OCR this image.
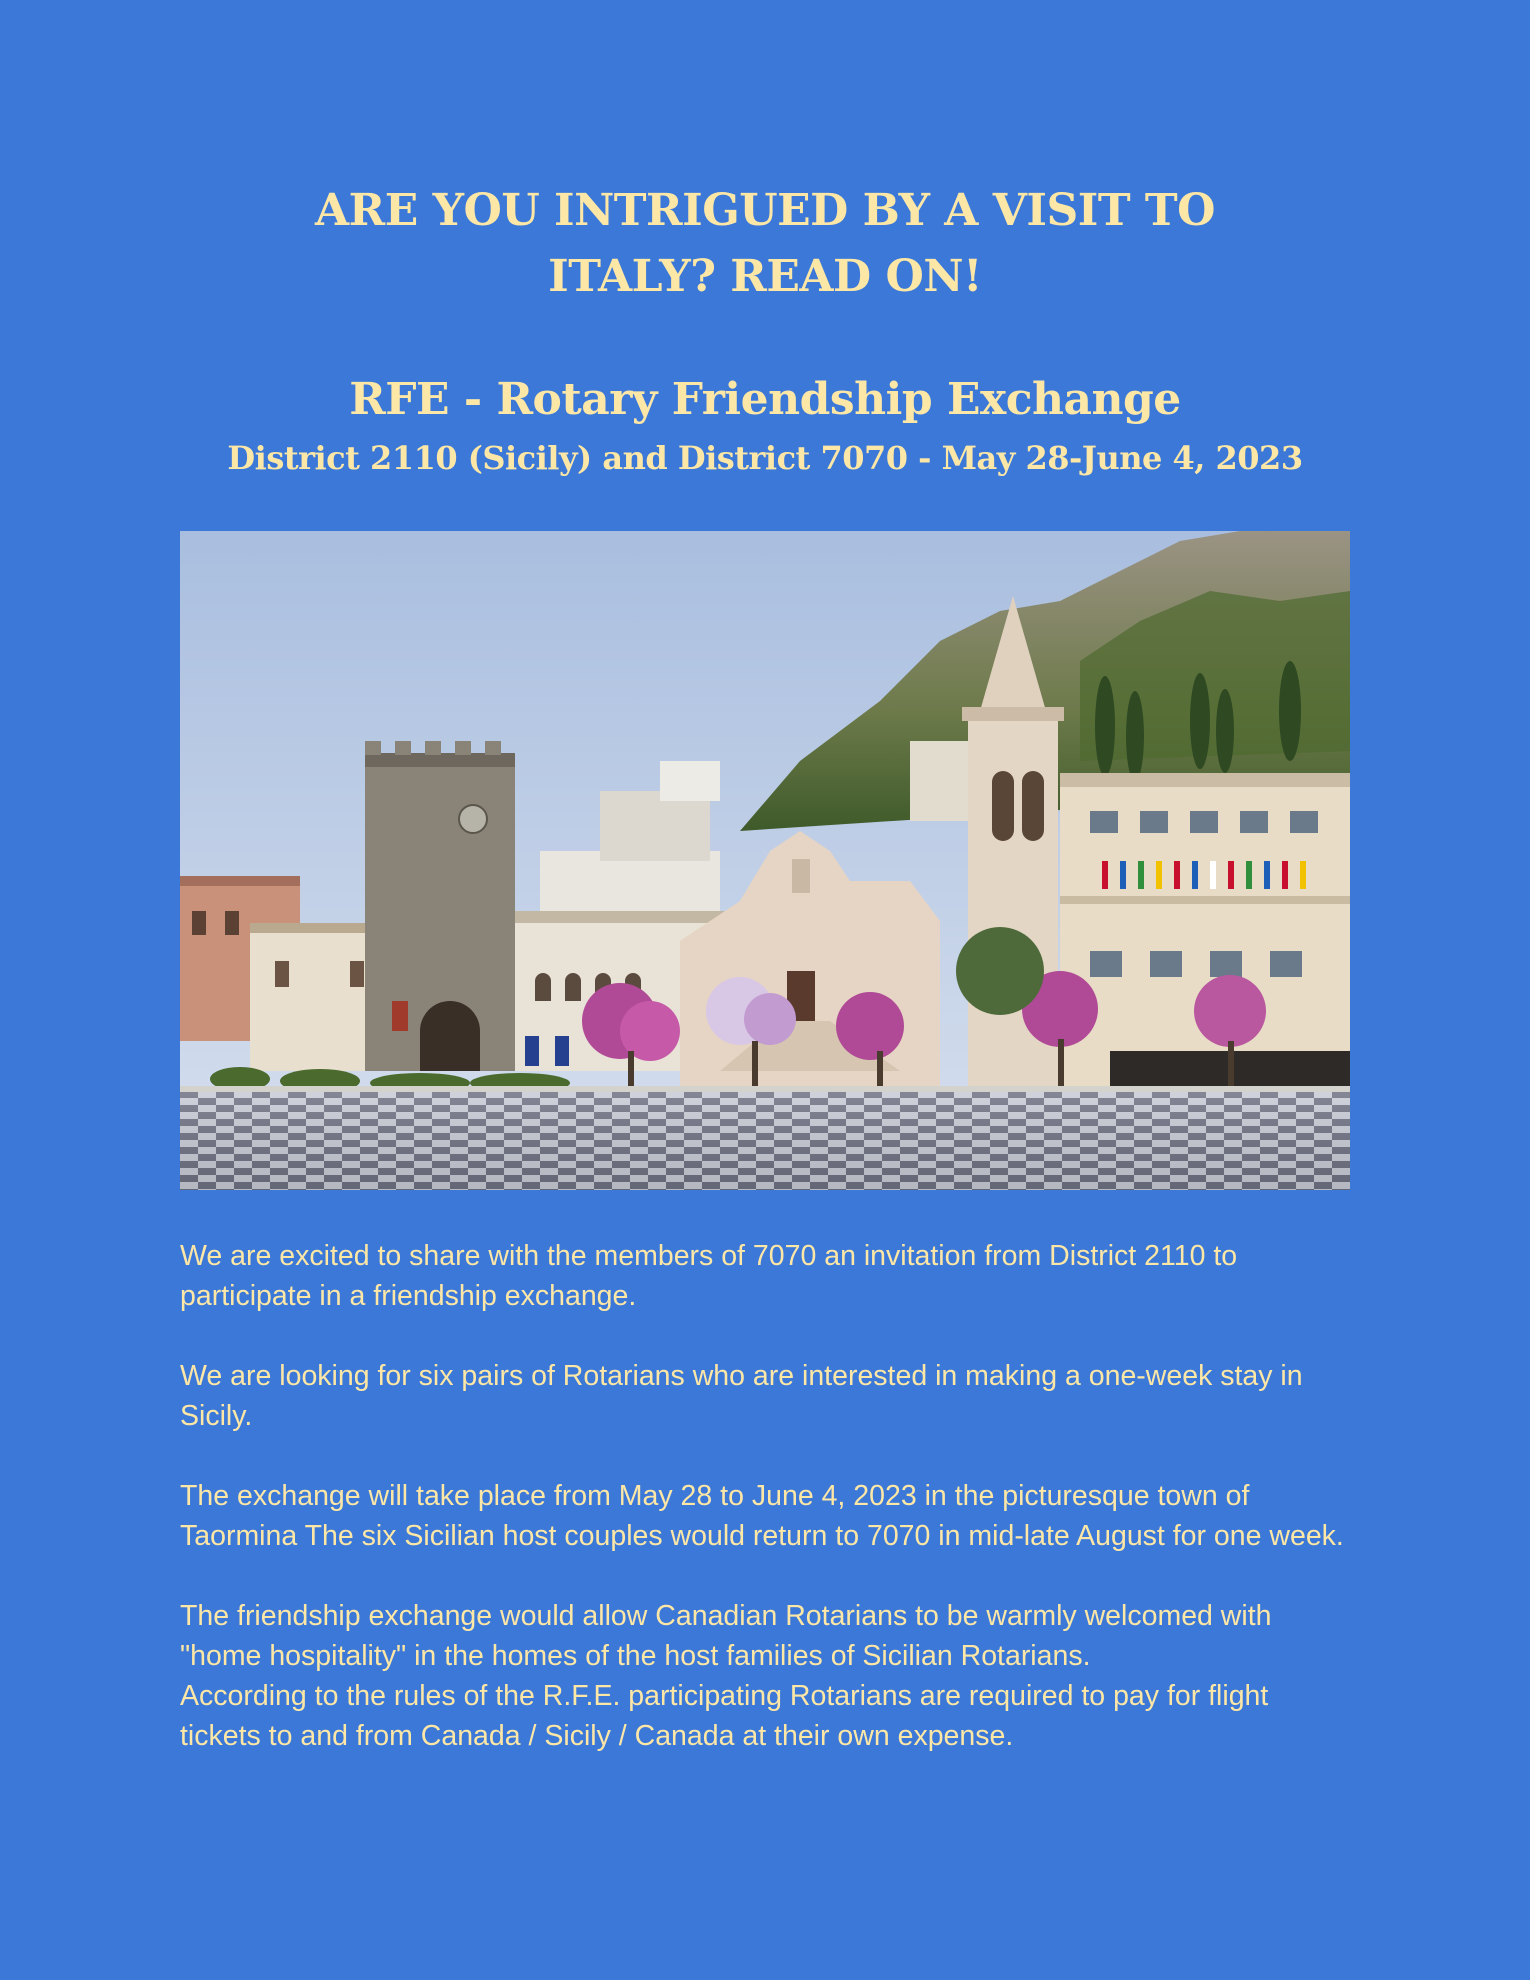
ARE YOU INTRIGUED BY A VISIT TO
ITALY? READ ON!
RFE - Rotary Friendship Exchange
District 2110 (Sicily) and District 7070 - May 28-June 4, 2023

We are excited to share with the members of 7070 an invitation from District 2110 to participate in a friendship exchange.

We are looking for six pairs of Rotarians who are interested in making a one-week stay in Sicily.

The exchange will take place from May 28 to June 4, 2023 in the picturesque town of Taormina The six Sicilian host couples would return to 7070 in mid-late August for one week.

The friendship exchange would allow Canadian Rotarians to be warmly welcomed with "home hospitality" in the homes of the host families of Sicilian Rotarians.

According to the rules of the R.F.E. participating Rotarians are required to pay for flight tickets to and from Canada / Sicily / Canada at their own expense.
